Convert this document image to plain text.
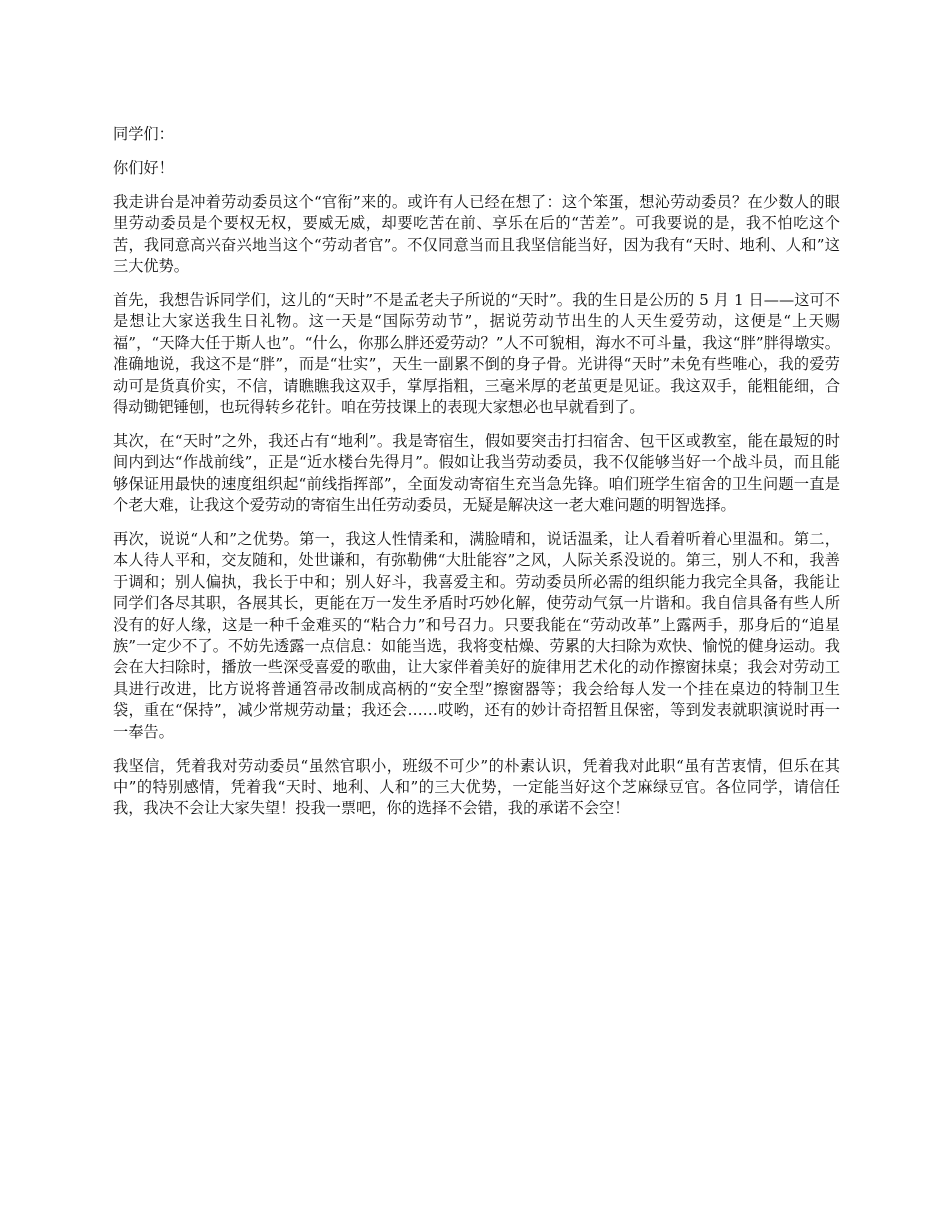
同学们：

你们好！

我走讲台是冲着劳动委员这个“官衔”来的。或许有人已经在想了：这个笨蛋，想沁劳动委员？在少数人的眼里劳动委员是个要权无权，要威无威，却要吃苦在前、享乐在后的“苦差”。可我要说的是，我不怕吃这个苦，我同意高兴奋兴地当这个“劳动者官”。不仅同意当而且我坚信能当好，因为我有“天时、地利、人和”这三大优势。

首先，我想告诉同学们，这儿的“天时”不是孟老夫子所说的“天时”。我的生日是公历的 5 月 1 日——这可不是想让大家送我生日礼物。这一天是“国际劳动节”，据说劳动节出生的人天生爱劳动，这便是“上天赐福”，“天降大任于斯人也”。“什么，你那么胖还爱劳动？”人不可貌相，海水不可斗量，我这“胖”胖得墩实。准确地说，我这不是“胖”，而是“壮实”，天生一副累不倒的身子骨。光讲得“天时”未免有些唯心，我的爱劳动可是货真价实，不信，请瞧瞧我这双手，掌厚指粗，三毫米厚的老茧更是见证。我这双手，能粗能细，合得动锄钯锤刨，也玩得转乡花针。咱在劳技课上的表现大家想必也早就看到了。

其次，在“天时”之外，我还占有“地利”。我是寄宿生，假如要突击打扫宿舍、包干区或教室，能在最短的时间内到达“作战前线”，正是“近水楼台先得月”。假如让我当劳动委员，我不仅能够当好一个战斗员，而且能够保证用最快的速度组织起“前线指挥部”，全面发动寄宿生充当急先锋。咱们班学生宿舍的卫生问题一直是个老大难，让我这个爱劳动的寄宿生出任劳动委员，无疑是解决这一老大难问题的明智选择。

再次，说说“人和”之优势。第一，我这人性情柔和，满脸晴和，说话温柔，让人看着听着心里温和。第二，本人待人平和，交友随和，处世谦和，有弥勒佛“大肚能容”之风，人际关系没说的。第三，别人不和，我善于调和；别人偏执，我长于中和；别人好斗，我喜爱主和。劳动委员所必需的组织能力我完全具备，我能让同学们各尽其职，各展其长，更能在万一发生矛盾时巧妙化解，使劳动气氛一片谐和。我自信具备有些人所没有的好人缘，这是一种千金难买的“粘合力”和号召力。只要我能在“劳动改革”上露两手，那身后的“追星族”一定少不了。不妨先透露一点信息：如能当选，我将变枯燥、劳累的大扫除为欢快、愉悦的健身运动。我会在大扫除时，播放一些深受喜爱的歌曲，让大家伴着美好的旋律用艺术化的动作擦窗抹桌；我会对劳动工具进行改进，比方说将普通笤帚改制成高柄的“安全型”擦窗器等；我会给每人发一个挂在桌边的特制卫生袋，重在“保持”，减少常规劳动量；我还会……哎哟，还有的妙计奇招暂且保密，等到发表就职演说时再一一奉告。

我坚信，凭着我对劳动委员“虽然官职小，班级不可少”的朴素认识，凭着我对此职“虽有苦衷情，但乐在其中”的特别感情，凭着我“天时、地利、人和”的三大优势，一定能当好这个芝麻绿豆官。各位同学，请信任我，我决不会让大家失望！投我一票吧，你的选择不会错，我的承诺不会空！
